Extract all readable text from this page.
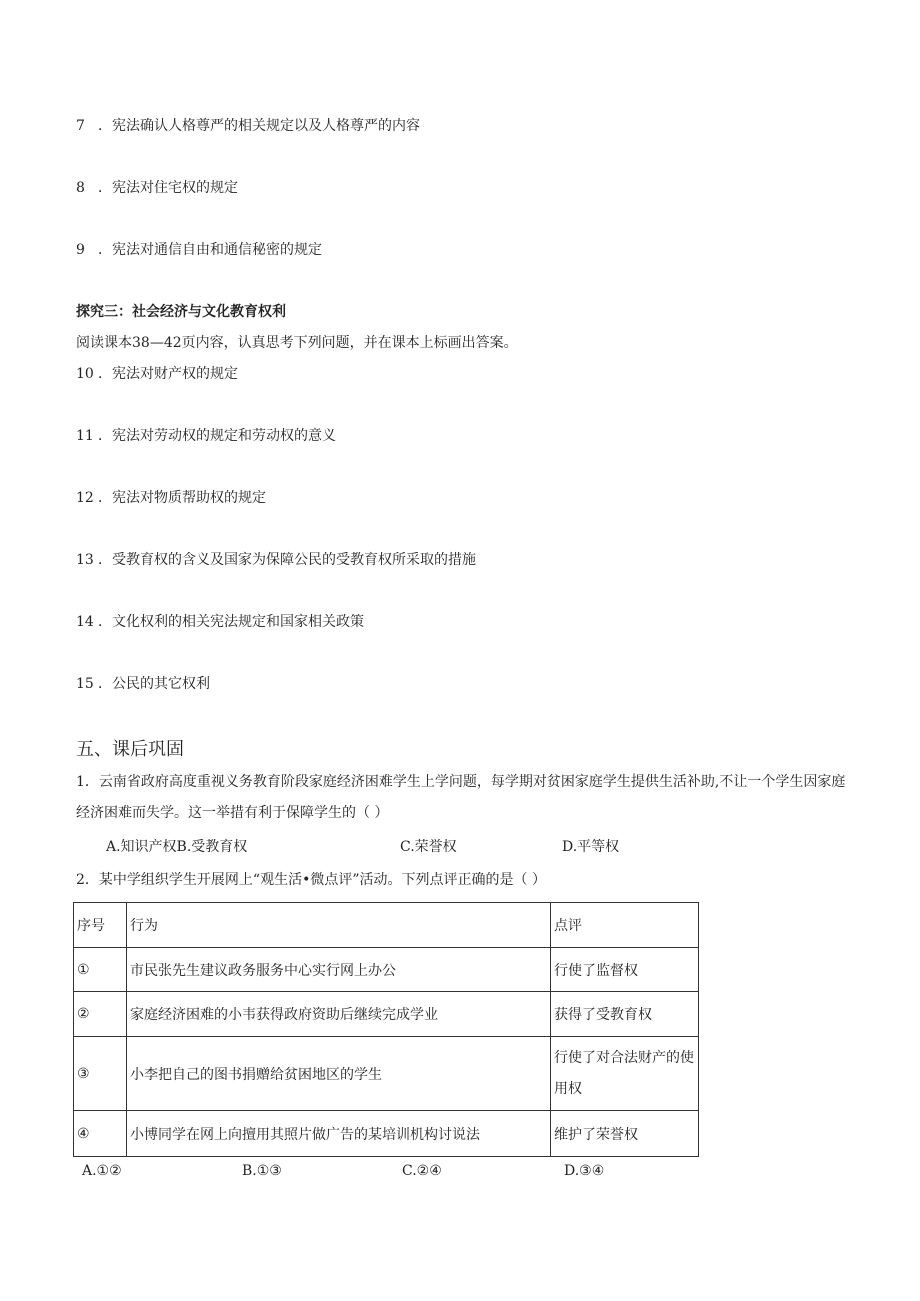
7 ．宪法确认人格尊严的相关规定以及人格尊严的内容
8 ．宪法对住宅权的规定
9 ．宪法对通信自由和通信秘密的规定
探究三：社会经济与文化教育权利
阅读课本38—42页内容，认真思考下列问题，并在课本上标画出答案。
10 ．宪法对财产权的规定
11 ．宪法对劳动权的规定和劳动权的意义
12 ．宪法对物质帮助权的规定
13 ．受教育权的含义及国家为保障公民的受教育权所采取的措施
14 ．文化权利的相关宪法规定和国家相关政策
15 ．公民的其它权利
五、课后巩固
1．云南省政府高度重视义务教育阶段家庭经济困难学生上学问题，每学期对贫困家庭学生提供生活补助,不让一个学生因家庭经济困难而失学。这一举措有利于保障学生的（ ）
A.知识产权B.受教育权	C.荣誉权	D.平等权
2．某中学组织学生开展网上“观生活•微点评”活动。下列点评正确的是（ ）
序号	行为	点评
①	市民张先生建议政务服务中心实行网上办公	行使了监督权
②	家庭经济困难的小韦获得政府资助后继续完成学业	获得了受教育权
③	小李把自己的图书捐赠给贫困地区的学生	行使了对合法财产的使用权
④	小博同学在网上向擅用其照片做广告的某培训机构讨说法	维护了荣誉权
A.①②	B.①③	C.②④	D.③④
